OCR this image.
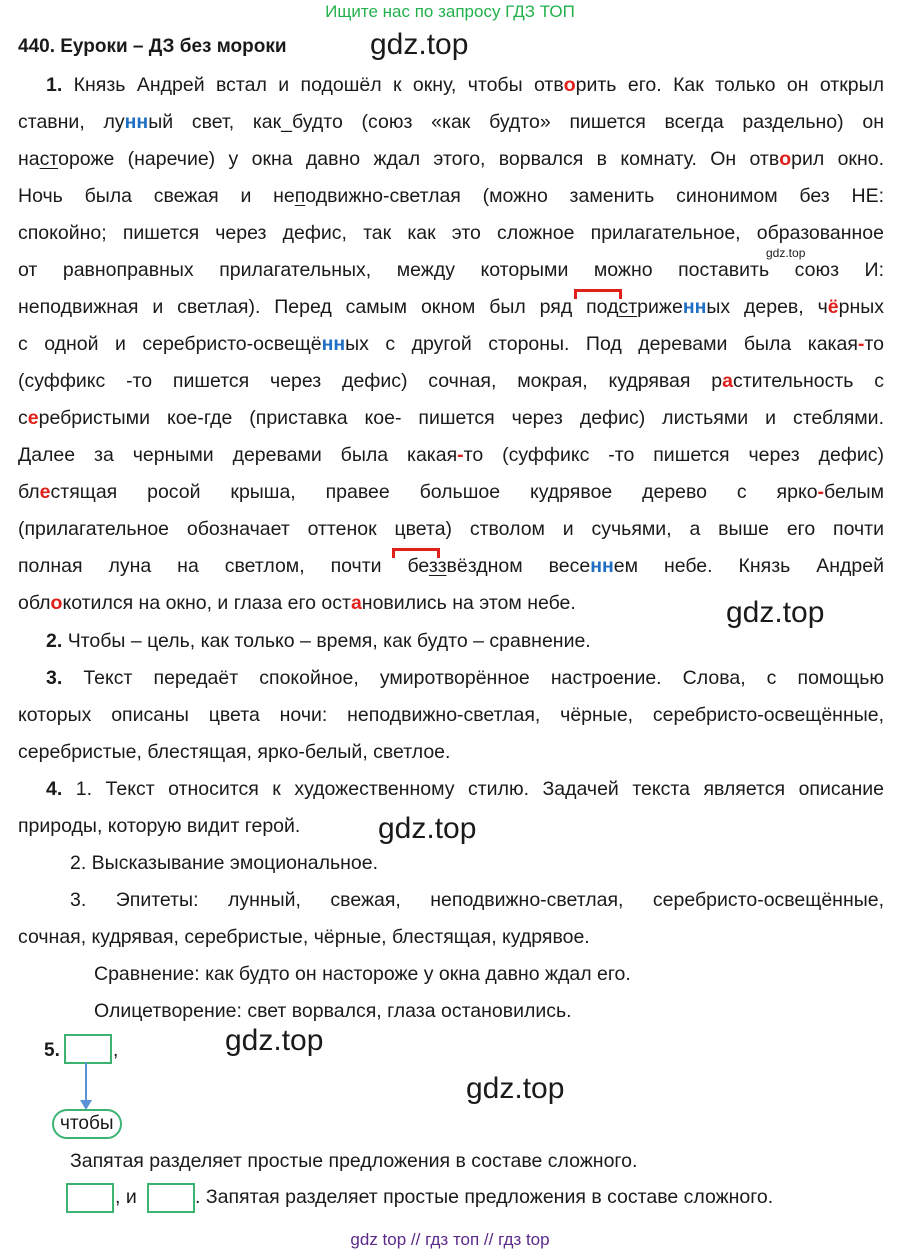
Ищите нас по запросу ГДЗ ТОП
440. Еуроки – ДЗ без мороки	gdz.top
1. Князь Андрей встал и подошёл к окну, чтобы отворить его. Как только он открыл
ставни, лунный свет, как_будто (союз «как будто» пишется всегда раздельно) он
настороже (наречие) у окна давно ждал этого, ворвался в комнату. Он отворил окно.
Ночь была свежая и неподвижно-светлая (можно заменить синонимом без НЕ:
спокойно; пишется через дефис, так как это сложное прилагательное, образованное
от равноправных прилагательных, между которыми можно поставить союз И:
неподвижная и светлая). Перед самым окном был ряд подстриженных дерев, чёрных
с одной и серебристо-освещённых с другой стороны. Под деревами была какая-то
(суффикс -то пишется через дефис) сочная, мокрая, кудрявая растительность с
серебристыми кое-где (приставка кое- пишется через дефис) листьями и стеблями.
Далее за черными деревами была какая-то (суффикс -то пишется через дефис)
блестящая росой крыша, правее большое кудрявое дерево с ярко-белым
(прилагательное обозначает оттенок цвета) стволом и сучьями, а выше его почти
полная луна на светлом, почти беззвёздном весеннем небе. Князь Андрей
облокотился на окно, и глаза его остановились на этом небе.
gdz.top
gdz.top
2. Чтобы – цель, как только – время, как будто – сравнение.
3. Текст передаёт спокойное, умиротворённое настроение. Слова, с помощью
которых описаны цвета ночи: неподвижно-светлая, чёрные, серебристо-освещённые,
серебристые, блестящая, ярко-белый, светлое.
4. 1. Текст относится к художественному стилю. Задачей текста является описание
природы, которую видит герой.
2. Высказывание эмоциональное.
3. Эпитеты: лунный, свежая, неподвижно-светлая, серебристо-освещённые,
сочная, кудрявая, серебристые, чёрные, блестящая, кудрявое.
Сравнение: как будто он настороже у окна давно ждал его.
Олицетворение: свет ворвался, глаза остановились.
gdz.top
5.	,	gdz.top
gdz.top
чтобы
Запятая разделяет простые предложения в составе сложного.
, и	. Запятая разделяет простые предложения в составе сложного.
gdz top // гдз топ // гдз top
